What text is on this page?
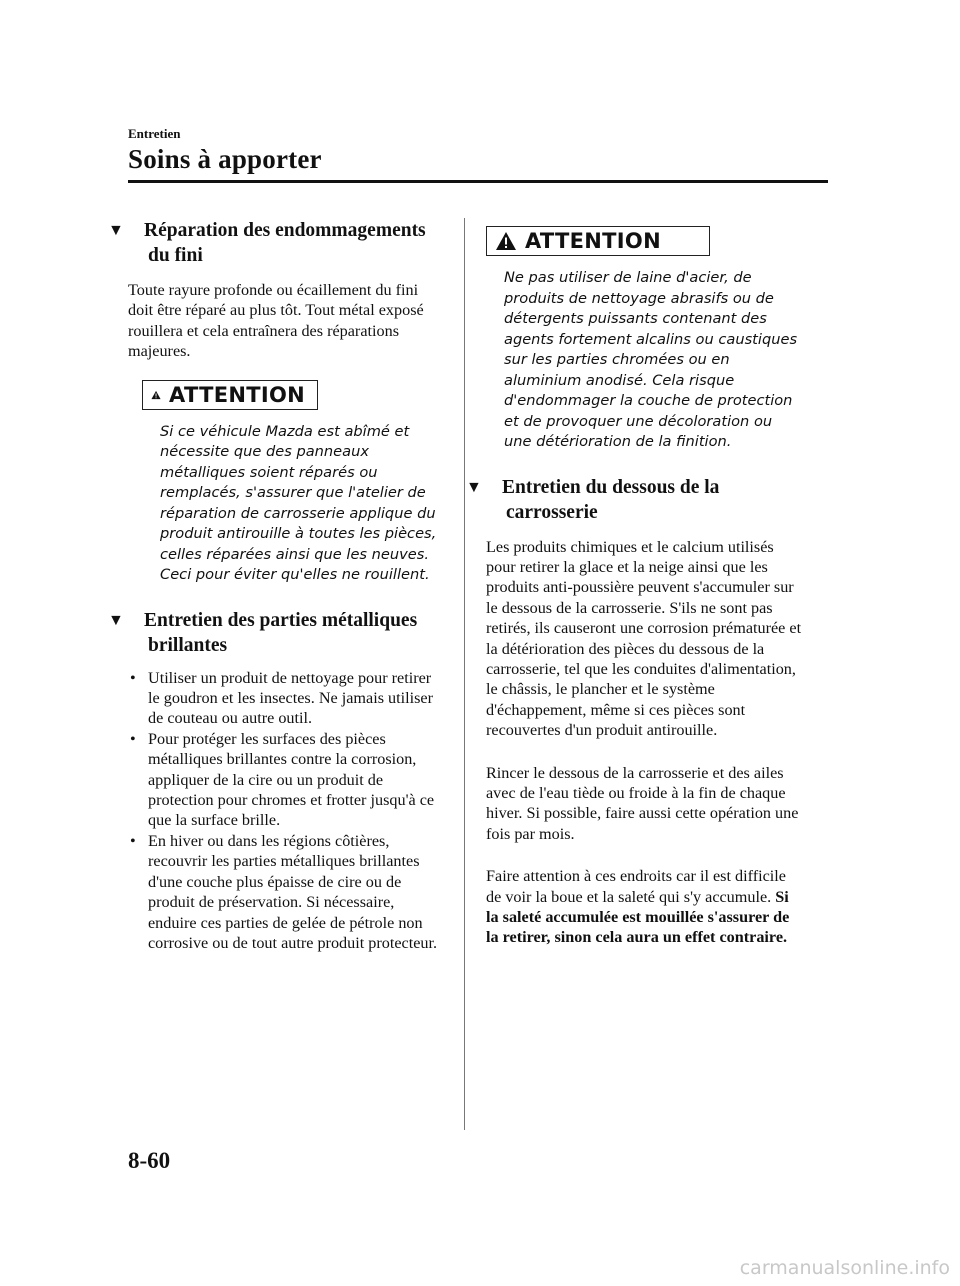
Entretien
Soins à apporter
▼ Réparation des endommagements
du fini

Toute rayure profonde ou écaillement du fini doit être réparé au plus tôt. Tout métal exposé rouillera et cela entraînera des réparations majeures.

ATTENTION
Si ce véhicule Mazda est abîmé et nécessite que des panneaux métalliques soient réparés ou remplacés, s'assurer que l'atelier de réparation de carrosserie applique du produit antirouille à toutes les pièces, celles réparées ainsi que les neuves. Ceci pour éviter qu'elles ne rouillent.
▼ Entretien des parties métalliques
brillantes
• Utiliser un produit de nettoyage pour retirer le goudron et les insectes. Ne jamais utiliser de couteau ou autre outil.
• Pour protéger les surfaces des pièces métalliques brillantes contre la corrosion, appliquer de la cire ou un produit de protection pour chromes et frotter jusqu'à ce que la surface brille.
• En hiver ou dans les régions côtières, recouvrir les parties métalliques brillantes d'une couche plus épaisse de cire ou de produit de préservation. Si nécessaire, enduire ces parties de gelée de pétrole non corrosive ou de tout autre produit protecteur.
ATTENTION
Ne pas utiliser de laine d'acier, de produits de nettoyage abrasifs ou de détergents puissants contenant des agents fortement alcalins ou caustiques sur les parties chromées ou en aluminium anodisé. Cela risque d'endommager la couche de protection et de provoquer une décoloration ou une détérioration de la finition.
▼ Entretien du dessous de la
carrosserie

Les produits chimiques et le calcium utilisés pour retirer la glace et la neige ainsi que les produits anti-poussière peuvent s'accumuler sur le dessous de la carrosserie. S'ils ne sont pas retirés, ils causeront une corrosion prématurée et la détérioration des pièces du dessous de la carrosserie, tel que les conduites d'alimentation, le châssis, le plancher et le système d'échappement, même si ces pièces sont recouvertes d'un produit antirouille.

Rincer le dessous de la carrosserie et des ailes avec de l'eau tiède ou froide à la fin de chaque hiver. Si possible, faire aussi cette opération une fois par mois.

Faire attention à ces endroits car il est difficile de voir la boue et la saleté qui s'y accumule. Si la saleté accumulée est mouillée s'assurer de la retirer, sinon cela aura un effet contraire.

8-60
carmanualsonline.info
